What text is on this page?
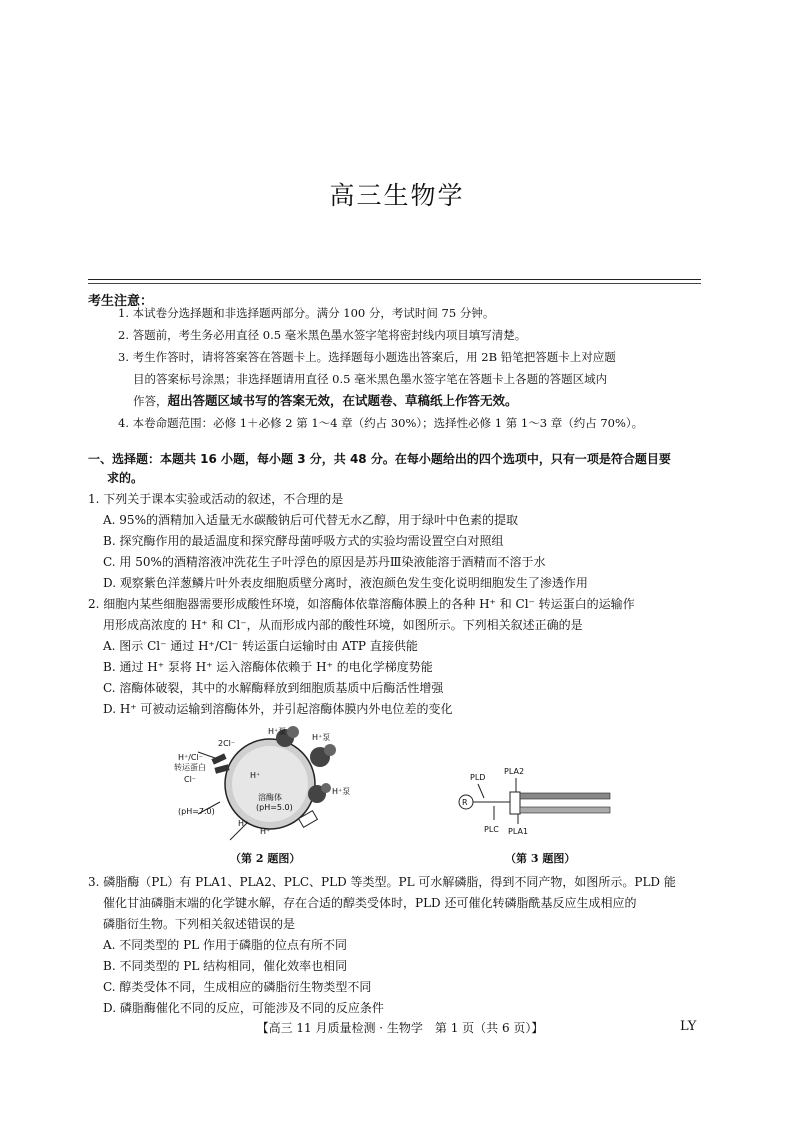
高三生物学
考生注意：
1. 本试卷分选择题和非选择题两部分。满分 100 分，考试时间 75 分钟。
2. 答题前，考生务必用直径 0.5 毫米黑色墨水签字笔将密封线内项目填写清楚。
3. 考生作答时，请将答案答在答题卡上。选择题每小题选出答案后，用 2B 铅笔把答题卡上对应题
目的答案标号涂黑；非选择题请用直径 0.5 毫米黑色墨水签字笔在答题卡上各题的答题区域内
作答，超出答题区域书写的答案无效，在试题卷、草稿纸上作答无效。
4. 本卷命题范围：必修 1＋必修 2 第 1～4 章（约占 30%）；选择性必修 1 第 1～3 章（约占 70%）。
一、选择题：本题共 16 小题，每小题 3 分，共 48 分。在每小题给出的四个选项中，只有一项是符合题目要
求的。
1. 下列关于课本实验或活动的叙述，不合理的是
A. 95%的酒精加入适量无水碳酸钠后可代替无水乙醇，用于绿叶中色素的提取
B. 探究酶作用的最适温度和探究酵母菌呼吸方式的实验均需设置空白对照组
C. 用 50%的酒精溶液冲洗花生子叶浮色的原因是苏丹Ⅲ染液能溶于酒精而不溶于水
D. 观察紫色洋葱鳞片叶外表皮细胞质壁分离时，液泡颜色发生变化说明细胞发生了渗透作用
2. 细胞内某些细胞器需要形成酸性环境，如溶酶体依靠溶酶体膜上的各种 H⁺ 和 Cl⁻ 转运蛋白的运输作
用形成高浓度的 H⁺ 和 Cl⁻，从而形成内部的酸性环境，如图所示。下列相关叙述正确的是
A. 图示 Cl⁻ 通过 H⁺/Cl⁻ 转运蛋白运输时由 ATP 直接供能
B. 通过 H⁺ 泵将 H⁺ 运入溶酶体依赖于 H⁺ 的电化学梯度势能
C. 溶酶体破裂，其中的水解酶释放到细胞质基质中后酶活性增强
D. H⁺ 可被动运输到溶酶体外，并引起溶酶体膜内外电位差的变化
H⁺泵
H⁺泵
H⁺泵
2Cl⁻
H⁺/Cl⁻
转运蛋白
Cl⁻	H⁺
溶酶体
(pH=5.0)
(pH=7.0)
H⁺
H⁺
（第 2 题图）
R
PLD
PLA2
PLC PLA1
（第 3 题图）
3. 磷脂酶（PL）有 PLA1、PLA2、PLC、PLD 等类型。PL 可水解磷脂，得到不同产物，如图所示。PLD 能
催化甘油磷脂末端的化学键水解，存在合适的醇类受体时，PLD 还可催化转磷脂酰基反应生成相应的
磷脂衍生物。下列相关叙述错误的是
A. 不同类型的 PL 作用于磷脂的位点有所不同
B. 不同类型的 PL 结构相同，催化效率也相同
C. 醇类受体不同，生成相应的磷脂衍生物类型不同
D. 磷脂酶催化不同的反应，可能涉及不同的反应条件
【高三 11 月质量检测 · 生物学　第 1 页（共 6 页）】	LY
